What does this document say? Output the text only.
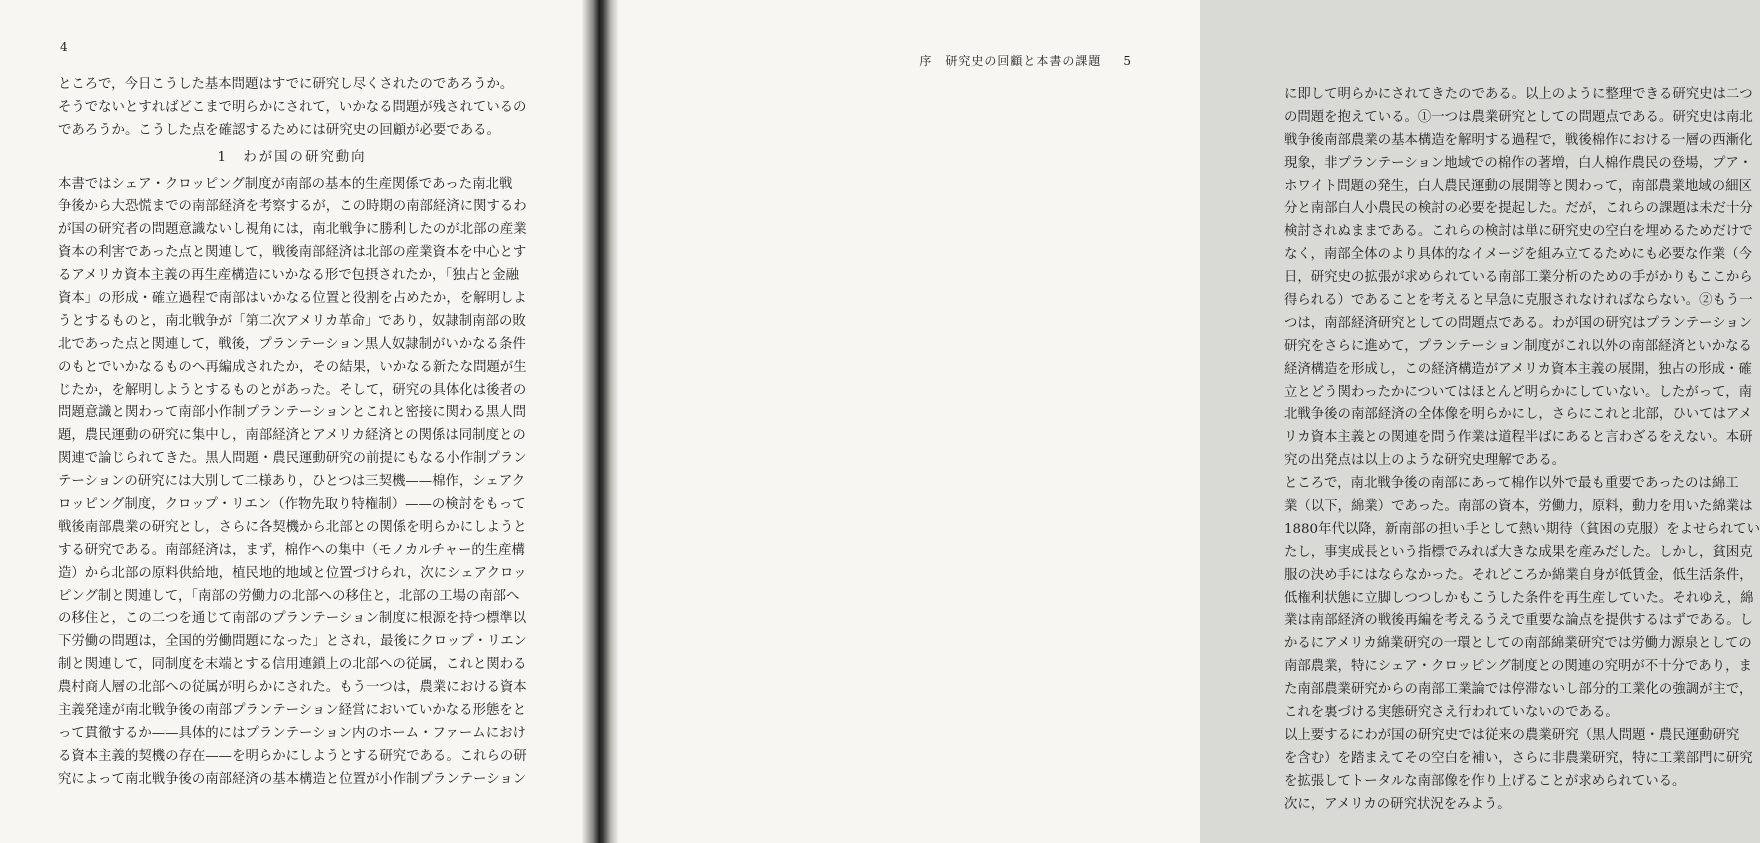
4
ところで，今日こうした基本問題はすでに研究し尽くされたのであろうか。
そうでないとすればどこまで明らかにされて，いかなる問題が残されているの
であろうか。こうした点を確認するためには研究史の回顧が必要である。
1　わが国の研究動向
本書ではシェア・クロッピング制度が南部の基本的生産関係であった南北戦
争後から大恐慌までの南部経済を考察するが，この時期の南部経済に関するわ
が国の研究者の問題意識ないし視角には，南北戦争に勝利したのが北部の産業
資本の利害であった点と関連して，戦後南部経済は北部の産業資本を中心とす
るアメリカ資本主義の再生産構造にいかなる形で包摂されたか，「独占と金融
資本」の形成・確立過程で南部はいかなる位置と役割を占めたか，を解明しよ
うとするものと，南北戦争が「第二次アメリカ革命」であり，奴隷制南部の敗
北であった点と関連して，戦後，プランテーション黒人奴隷制がいかなる条件
のもとでいかなるものへ再編成されたか，その結果，いかなる新たな問題が生
じたか，を解明しようとするものとがあった。そして，研究の具体化は後者の
問題意識と関わって南部小作制プランテーションとこれと密接に関わる黒人問
題，農民運動の研究に集中し，南部経済とアメリカ経済との関係は同制度との
関連で論じられてきた。黒人問題・農民運動研究の前提にもなる小作制プラン
テーションの研究には大別して二様あり，ひとつは三契機——棉作，シェアク
ロッピング制度，クロップ・リエン（作物先取り特権制）——の検討をもって
戦後南部農業の研究とし，さらに各契機から北部との関係を明らかにしようと
する研究である。南部経済は，まず，棉作への集中（モノカルチャー的生産構
造）から北部の原料供給地，植民地的地域と位置づけられ，次にシェアクロッ
ピング制と関連して，「南部の労働力の北部への移住と，北部の工場の南部へ
の移住と，この二つを通じて南部のプランテーション制度に根源を持つ標準以
下労働の問題は，全国的労働問題になった」とされ，最後にクロップ・リエン
制と関連して，同制度を末端とする信用連鎖上の北部への従属，これと関わる
農村商人層の北部への従属が明らかにされた。もう一つは，農業における資本
主義発達が南北戦争後の南部プランテーション経営においていかなる形態をと
って貫徹するか——具体的にはプランテーション内のホーム・ファームにおけ
る資本主義的契機の存在——を明らかにしようとする研究である。これらの研
究によって南北戦争後の南部経済の基本構造と位置が小作制プランテーション
序　研究史の回顧と本書の課題 5
に即して明らかにされてきたのである。以上のように整理できる研究史は二つ
の問題を抱えている。①一つは農業研究としての問題点である。研究史は南北
戦争後南部農業の基本構造を解明する過程で，戦後棉作における一層の西漸化
現象，非プランテーション地域での棉作の著増，白人棉作農民の登場，プア・
ホワイト問題の発生，白人農民運動の展開等と関わって，南部農業地域の細区
分と南部白人小農民の検討の必要を提起した。だが，これらの課題は未だ十分
検討されぬままである。これらの検討は単に研究史の空白を埋めるためだけで
なく，南部全体のより具体的なイメージを組み立てるためにも必要な作業（今
日，研究史の拡張が求められている南部工業分析のための手がかりもここから
得られる）であることを考えると早急に克服されなければならない。②もう一
つは，南部経済研究としての問題点である。わが国の研究はプランテーション
研究をさらに進めて，プランテーション制度がこれ以外の南部経済といかなる
経済構造を形成し，この経済構造がアメリカ資本主義の展開，独占の形成・確
立とどう関わったかについてはほとんど明らかにしていない。したがって，南
北戦争後の南部経済の全体像を明らかにし，さらにこれと北部，ひいてはアメ
リカ資本主義との関連を問う作業は道程半ばにあると言わざるをえない。本研
究の出発点は以上のような研究史理解である。
ところで，南北戦争後の南部にあって棉作以外で最も重要であったのは綿工
業（以下，綿業）であった。南部の資本，労働力，原料，動力を用いた綿業は
1880年代以降，新南部の担い手として熱い期待（貧困の克服）をよせられてい
たし，事実成長という指標でみれば大きな成果を産みだした。しかし，貧困克
服の決め手にはならなかった。それどころか綿業自身が低賃金，低生活条件，
低権利状態に立脚しつつしかもこうした条件を再生産していた。それゆえ，綿
業は南部経済の戦後再編を考えるうえで重要な論点を提供するはずである。し
かるにアメリカ綿業研究の一環としての南部綿業研究では労働力源泉としての
南部農業，特にシェア・クロッピング制度との関連の究明が不十分であり，ま
た南部農業研究からの南部工業論では停滞ないし部分的工業化の強調が主で，
これを裏づける実態研究さえ行われていないのである。
以上要するにわが国の研究史では従来の農業研究（黒人問題・農民運動研究
を含む）を踏まえてその空白を補い，さらに非農業研究，特に工業部門に研究
を拡張してトータルな南部像を作り上げることが求められている。
次に，アメリカの研究状況をみよう。
